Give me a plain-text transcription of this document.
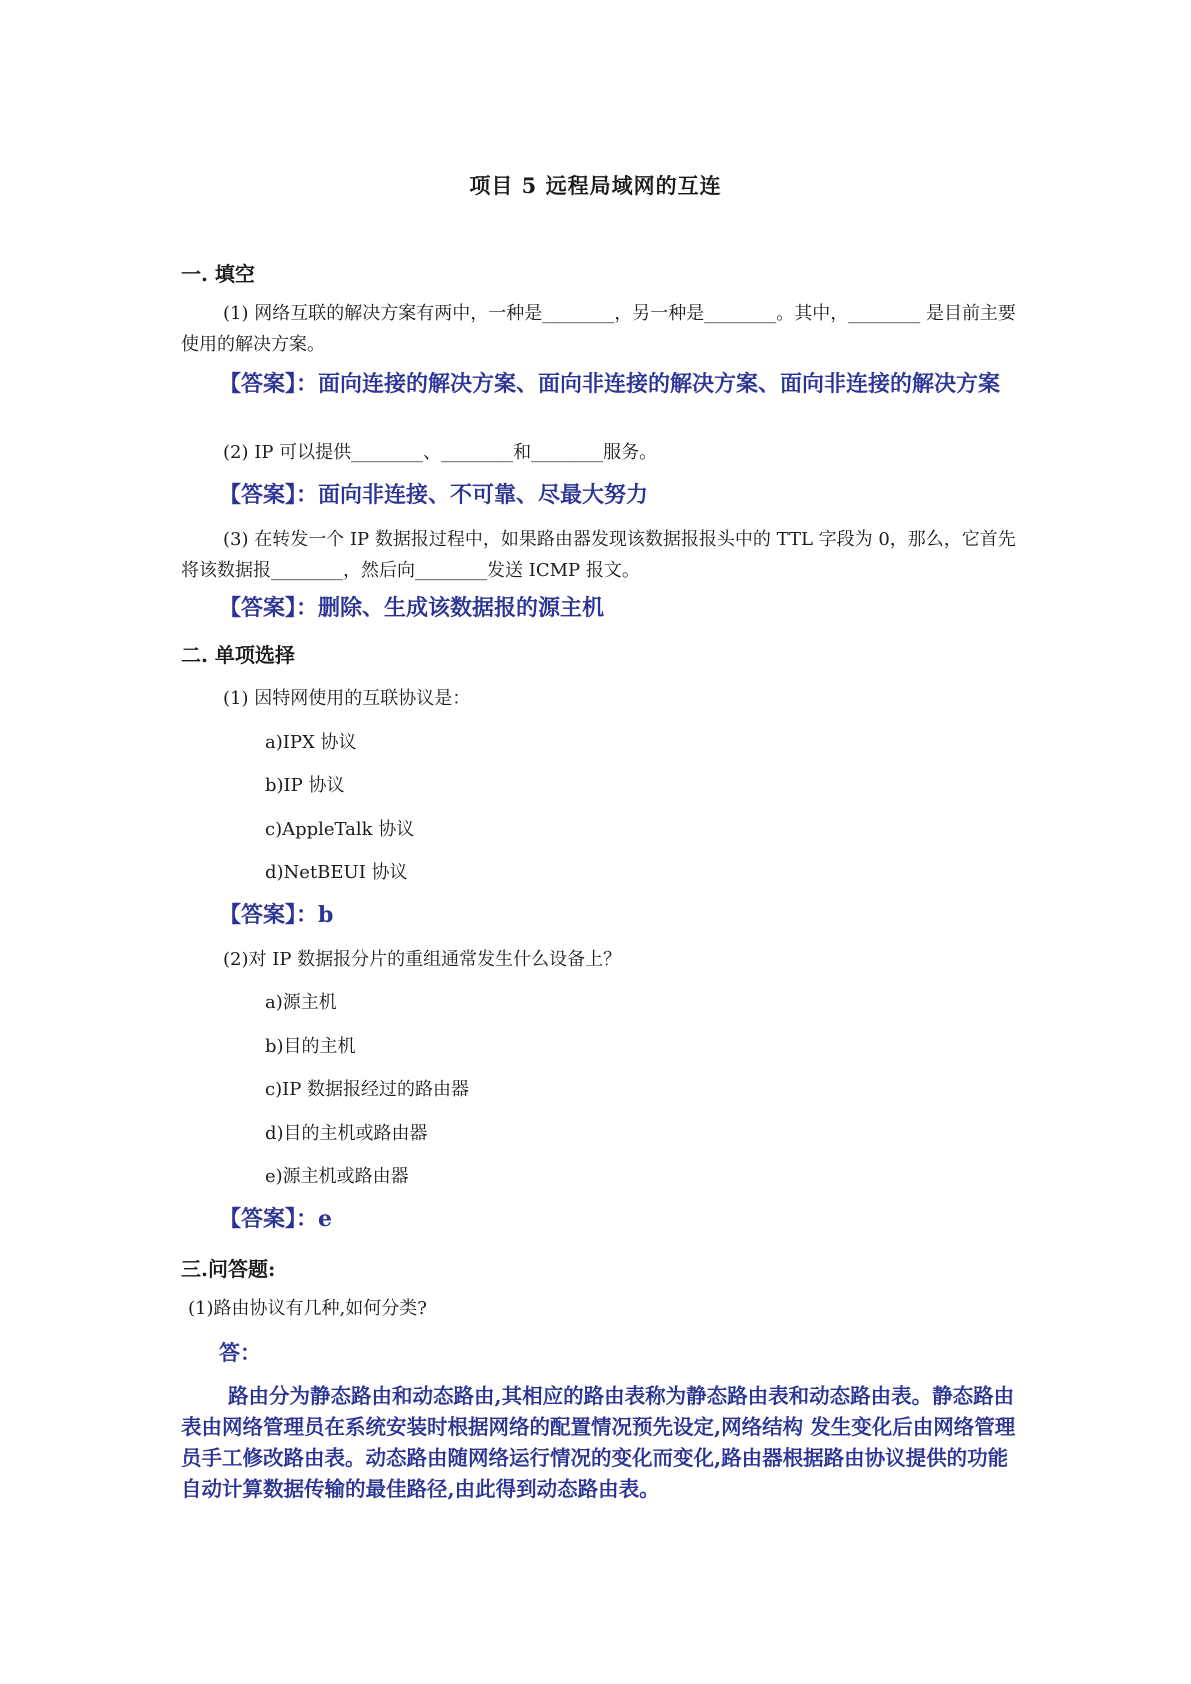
项目 5 远程局域网的互连
一. 填空
(1) 网络互联的解决方案有两中，一种是________，另一种是________。其中，________ 是目前主要使用的解决方案。
【答案】：面向连接的解决方案、面向非连接的解决方案、面向非连接的解决方案
(2) IP 可以提供________、________和________服务。
【答案】：面向非连接、不可靠、尽最大努力
(3) 在转发一个 IP 数据报过程中，如果路由器发现该数据报报头中的 TTL 字段为 0，那么，它首先将该数据报________，然后向________发送 ICMP 报文。
【答案】：删除、生成该数据报的源主机
二. 单项选择
(1) 因特网使用的互联协议是：
a)IPX 协议
b)IP 协议
c)AppleTalk 协议
d)NetBEUI 协议
【答案】：b
(2)对 IP 数据报分片的重组通常发生什么设备上？
a)源主机
b)目的主机
c)IP 数据报经过的路由器
d)目的主机或路由器
e)源主机或路由器
【答案】：e
三.问答题:
(1)路由协议有几种,如何分类?
答：
路由分为静态路由和动态路由,其相应的路由表称为静态路由表和动态路由表。静态路由表由网络管理员在系统安装时根据网络的配置情况预先设定,网络结构 发生变化后由网络管理员手工修改路由表。动态路由随网络运行情况的变化而变化,路由器根据路由协议提供的功能自动计算数据传输的最佳路径,由此得到动态路由表。
